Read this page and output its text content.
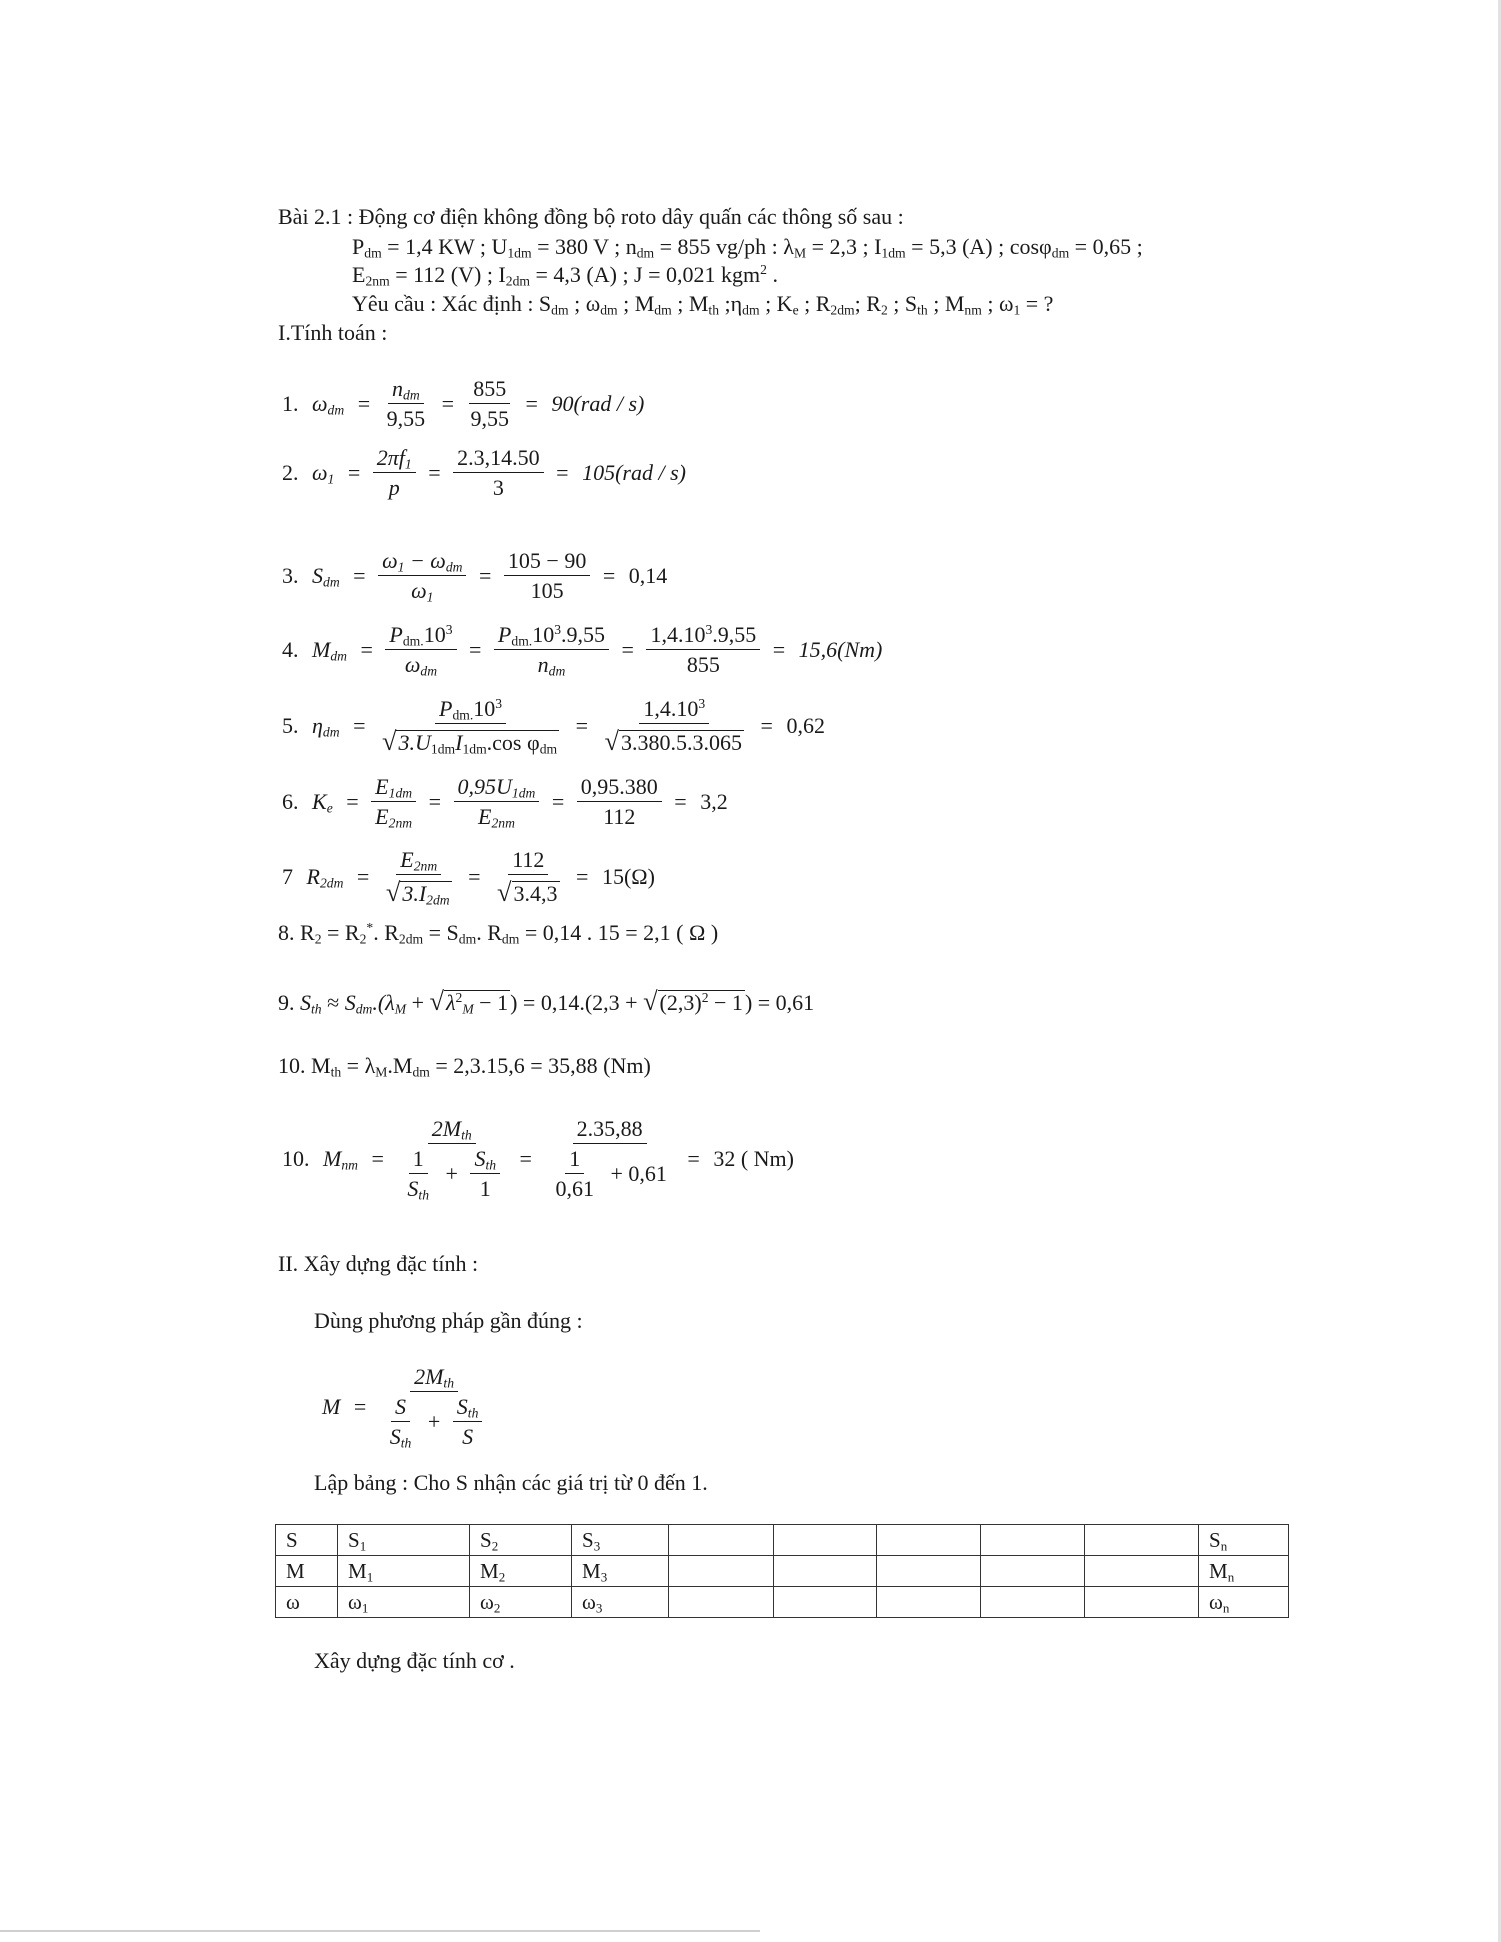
Bài 2.1 : Động cơ điện không đồng bộ roto dây quấn các thông số sau :
$P_{dm} = 1,4$ KW ; $U_{1dm} = 380$ V ; $n_{dm} = 855$ vg/ph : $\lambda_M = 2,3$ ; $I_{1dm} = 5,3$ (A) ; cosφ$_{dm}$ = 0,65 ;
$E_{2nm} = 112$ (V) ; $I_{2dm} = 4,3$ (A) ; J = 0,021 kgm$^2$ .
Yêu cầu : Xác định : $S_{dm}$ ; $\omega_{dm}$ ; $M_{dm}$ ; $M_{th}$ $;\eta_{dm}$ ; $K_e$ ; $R_{2dm}$; $R_2$ ; $S_{th}$ ; $M_{nm}$ ; $\omega_1$ = ?
I.Tính toán :
1. $\omega_{dm} = \frac{n_{dm}}{9,55} = \frac{855}{9,55} = 90(rad / s)$
2. $\omega_1 = \frac{2\pi f_1}{p} = \frac{2.3,14.50}{3} = 105(rad / s)$
3. $S_{dm} = \frac{\omega_1 - \omega_{dm}}{\omega_1} = \frac{105 - 90}{105} = 0,14$
4. $M_{dm} = \frac{P_{dm.}10^3}{\omega_{dm}} = \frac{P_{dm.}10^3.9,55}{n_{dm}} = \frac{1,4.10^3.9,55}{855} = 15,6(Nm)$
5. $\eta_{dm} = \frac{P_{dm.}10^3}{√3.U_{1dm}I_{1dm}.\cos \varphi_{dm}} = \frac{1,4.10^3}{√3.380.5.3.065} = 0,62$
6. $K_e = \frac{E_{1dm}}{E_{2nm}} = \frac{0,95U_{1dm}}{E_{2nm}} = \frac{0,95.380}{112} = 3,2$
7 $R_{2dm} = \frac{E_{2nm}}{√3.I_{2dm}} = \frac{112}{√3.4,3} = 15(\Omega)$
8. $R_2 = R_2^*$. $R_{2dm} = S_{dm}$. $R_{dm} = 0,14$ . 15 = 2,1 ( Ω )
9. $S_{th} \approx S_{dm}.(\lambda_M + √\lambda^2_M - 1) = 0,14.(2,3 + √(2,3)^2 - 1) = 0,61$
10. $M_{th} = \lambda_M.M_{dm} = 2,3.15,6 = 35,88$ (Nm)
10. $M_{nm} = \frac{2M_{th}}{\frac{1}{S_{th}} + \frac{S_{th}}{1}} = \frac{2.35,88}{\frac{1}{0,61} + 0,61} = 32$ ( Nm)
II. Xây dựng đặc tính :
Dùng phương pháp gần đúng :
$M = \frac{2M_{th}}{\frac{S}{S_{th}} + \frac{S_{th}}{S}}$
Lập bảng : Cho S nhận các giá trị từ 0 đến 1.
S	$S_1$	$S_2$	$S_3$						$S_n$
M	$M_1$	$M_2$	$M_3$						$M_n$
ω	$\omega_1$	$\omega_2$	$\omega_3$						$\omega_n$
Xây dựng đặc tính cơ .
